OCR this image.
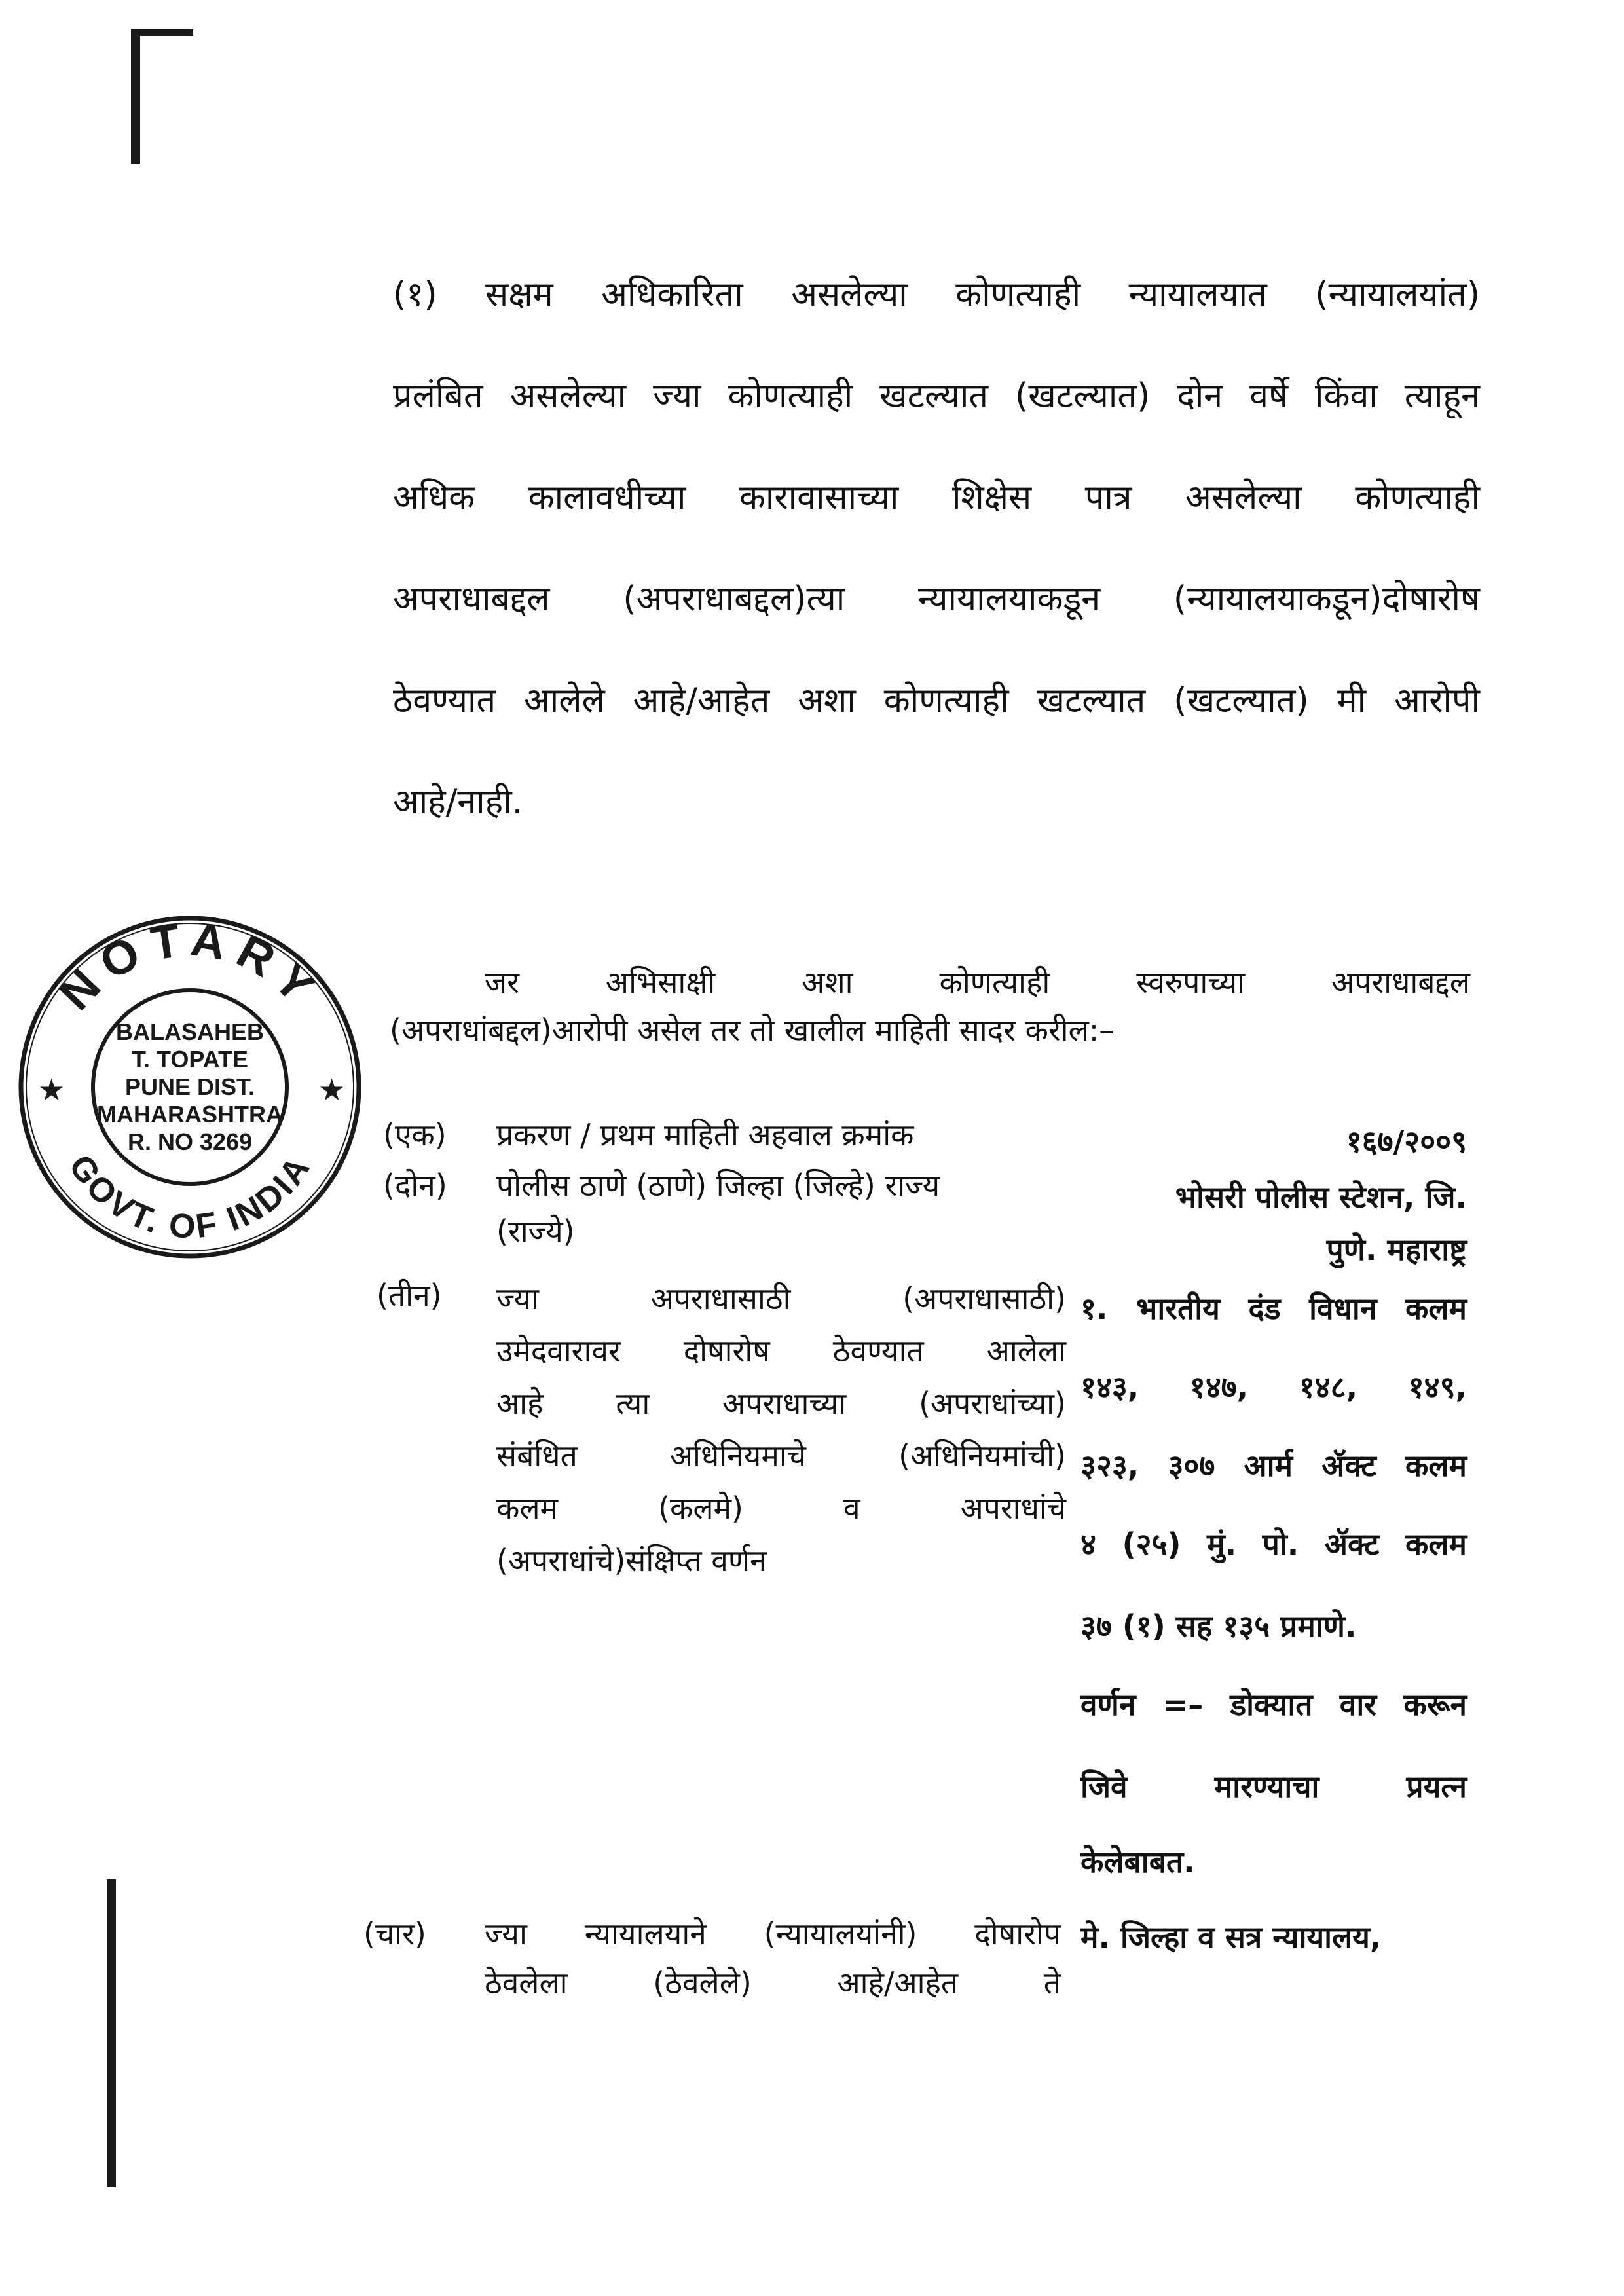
(१) सक्षम अधिकारिता असलेल्या कोणत्याही न्यायालयात (न्यायालयांत)
प्रलंबित असलेल्या ज्या कोणत्याही खटल्यात (खटल्यात) दोन वर्षे किंवा त्याहून
अधिक कालावधीच्या कारावासाच्या शिक्षेस पात्र असलेल्या कोणत्याही
अपराधाबद्दल (अपराधाबद्दल)त्या न्यायालयाकडून (न्यायालयाकडून)दोषारोष
ठेवण्यात आलेले आहे/आहेत अशा कोणत्याही खटल्यात (खटल्यात) मी आरोपी
आहे/नाही.
NOTARY
GOVT. OF INDIA
★	★
BALASAHEB
T. TOPATE
PUNE DIST.
MAHARASHTRA
R. NO 3269
जर अभिसाक्षी अशा कोणत्याही स्वरुपाच्या अपराधाबद्दल
(अपराधांबद्दल)आरोपी असेल तर तो खालील माहिती सादर करील:–
(एक) प्रकरण / प्रथम माहिती अहवाल क्रमांक	१६७/२००९
(दोन) पोलीस ठाणे (ठाणे) जिल्हा (जिल्हे) राज्य
(राज्ये)
भोसरी पोलीस स्टेशन, जि.
पुणे. महाराष्ट्र
(तीन) ज्या अपराधासाठी (अपराधासाठी)
उमेदवारावर दोषारोष ठेवण्यात आलेला
आहे त्या अपराधाच्या (अपराधांच्या)
संबंधित अधिनियमाचे (अधिनियमांची)
कलम (कलमे) व अपराधांचे
(अपराधांचे)संक्षिप्त वर्णन
१. भारतीय दंड विधान कलम
१४३, १४७, १४८, १४९,
३२३, ३०७ आर्म ॲक्ट कलम
४ (२५) मुं. पो. ॲक्ट कलम
३७ (१) सह १३५ प्रमाणे.
वर्णन =– डोक्यात वार करून
जिवे मारण्याचा प्रयत्न
केलेबाबत.
(चार) ज्या न्यायालयाने (न्यायालयांनी) दोषारोप
ठेवलेला (ठेवलेले) आहे/आहेत ते
मे. जिल्हा व सत्र न्यायालय,
